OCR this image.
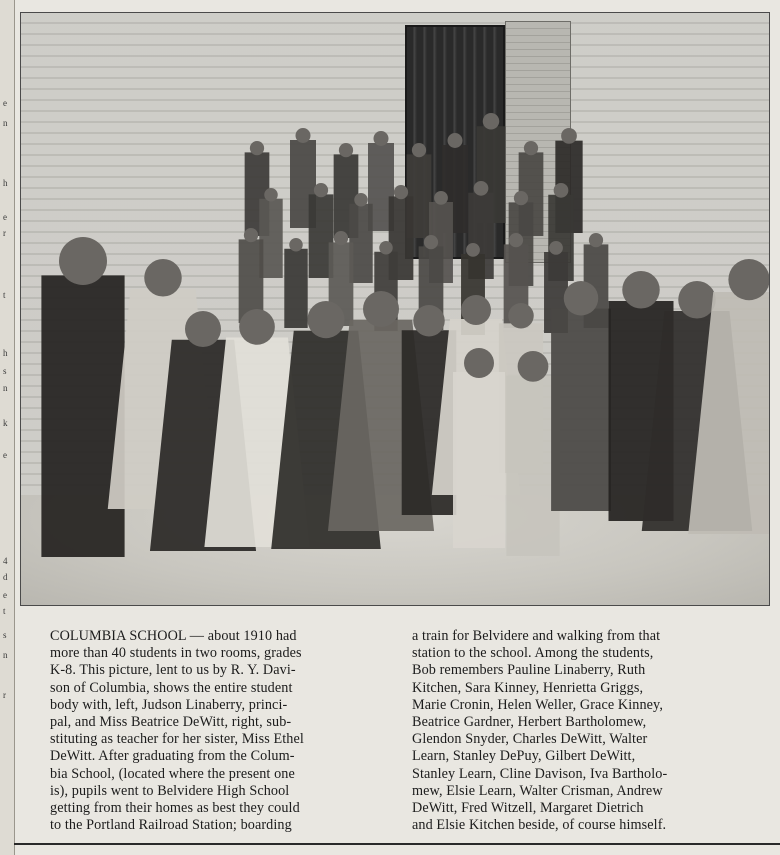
e
n
h
e
r
t
h
s
n
k
e
4
d
e
t
s
n
r
COLUMBIA SCHOOL — about 1910 had
more than 40 students in two rooms, grades
K-8. This picture, lent to us by R. Y. Davi-
son of Columbia, shows the entire student
body with, left, Judson Linaberry, princi-
pal, and Miss Beatrice DeWitt, right, sub-
stituting as teacher for her sister, Miss Ethel
DeWitt. After graduating from the Colum-
bia School, (located where the present one
is), pupils went to Belvidere High School
getting from their homes as best they could
to the Portland Railroad Station; boarding
a train for Belvidere and walking from that
station to the school. Among the students,
Bob remembers Pauline Linaberry, Ruth
Kitchen, Sara Kinney, Henrietta Griggs,
Marie Cronin, Helen Weller, Grace Kinney,
Beatrice Gardner, Herbert Bartholomew,
Glendon Snyder, Charles DeWitt, Walter
Learn, Stanley DePuy, Gilbert DeWitt,
Stanley Learn, Cline Davison, Iva Bartholo-
mew, Elsie Learn, Walter Crisman, Andrew
DeWitt, Fred Witzell, Margaret Dietrich
and Elsie Kitchen beside, of course himself.
